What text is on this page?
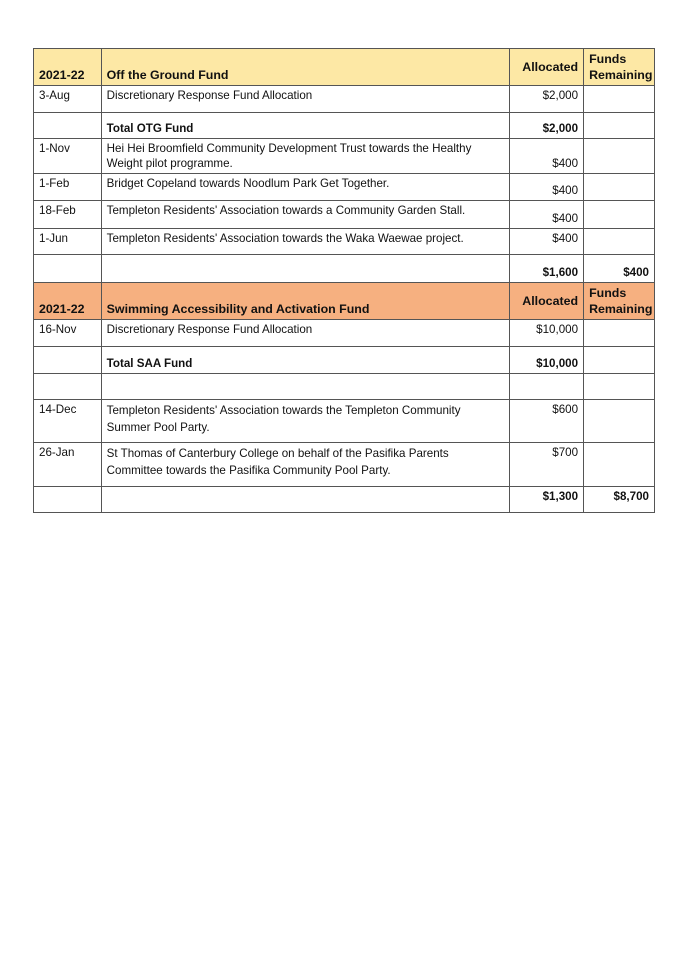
2021-22	Off the Ground Fund	Allocated	Funds Remaining
3-Aug	Discretionary Response Fund Allocation	$2,000	
	Total OTG Fund	$2,000	
1-Nov	Hei Hei Broomfield Community Development Trust towards the Healthy Weight pilot programme.	$400	
1-Feb	Bridget Copeland towards Noodlum Park Get Together.	$400	
18-Feb	Templeton Residents' Association towards a Community Garden Stall.	$400	
1-Jun	Templeton Residents' Association towards the Waka Waewae project.	$400	
		$1,600	$400
2021-22	Swimming Accessibility and Activation Fund	Allocated	Funds Remaining
16-Nov	Discretionary Response Fund Allocation	$10,000	
	Total SAA Fund	$10,000	

14-Dec	Templeton Residents' Association towards the Templeton Community Summer Pool Party.	$600	
26-Jan	St Thomas of Canterbury College on behalf of the Pasifika Parents Committee towards the Pasifika Community Pool Party.	$700	
		$1,300	$8,700
